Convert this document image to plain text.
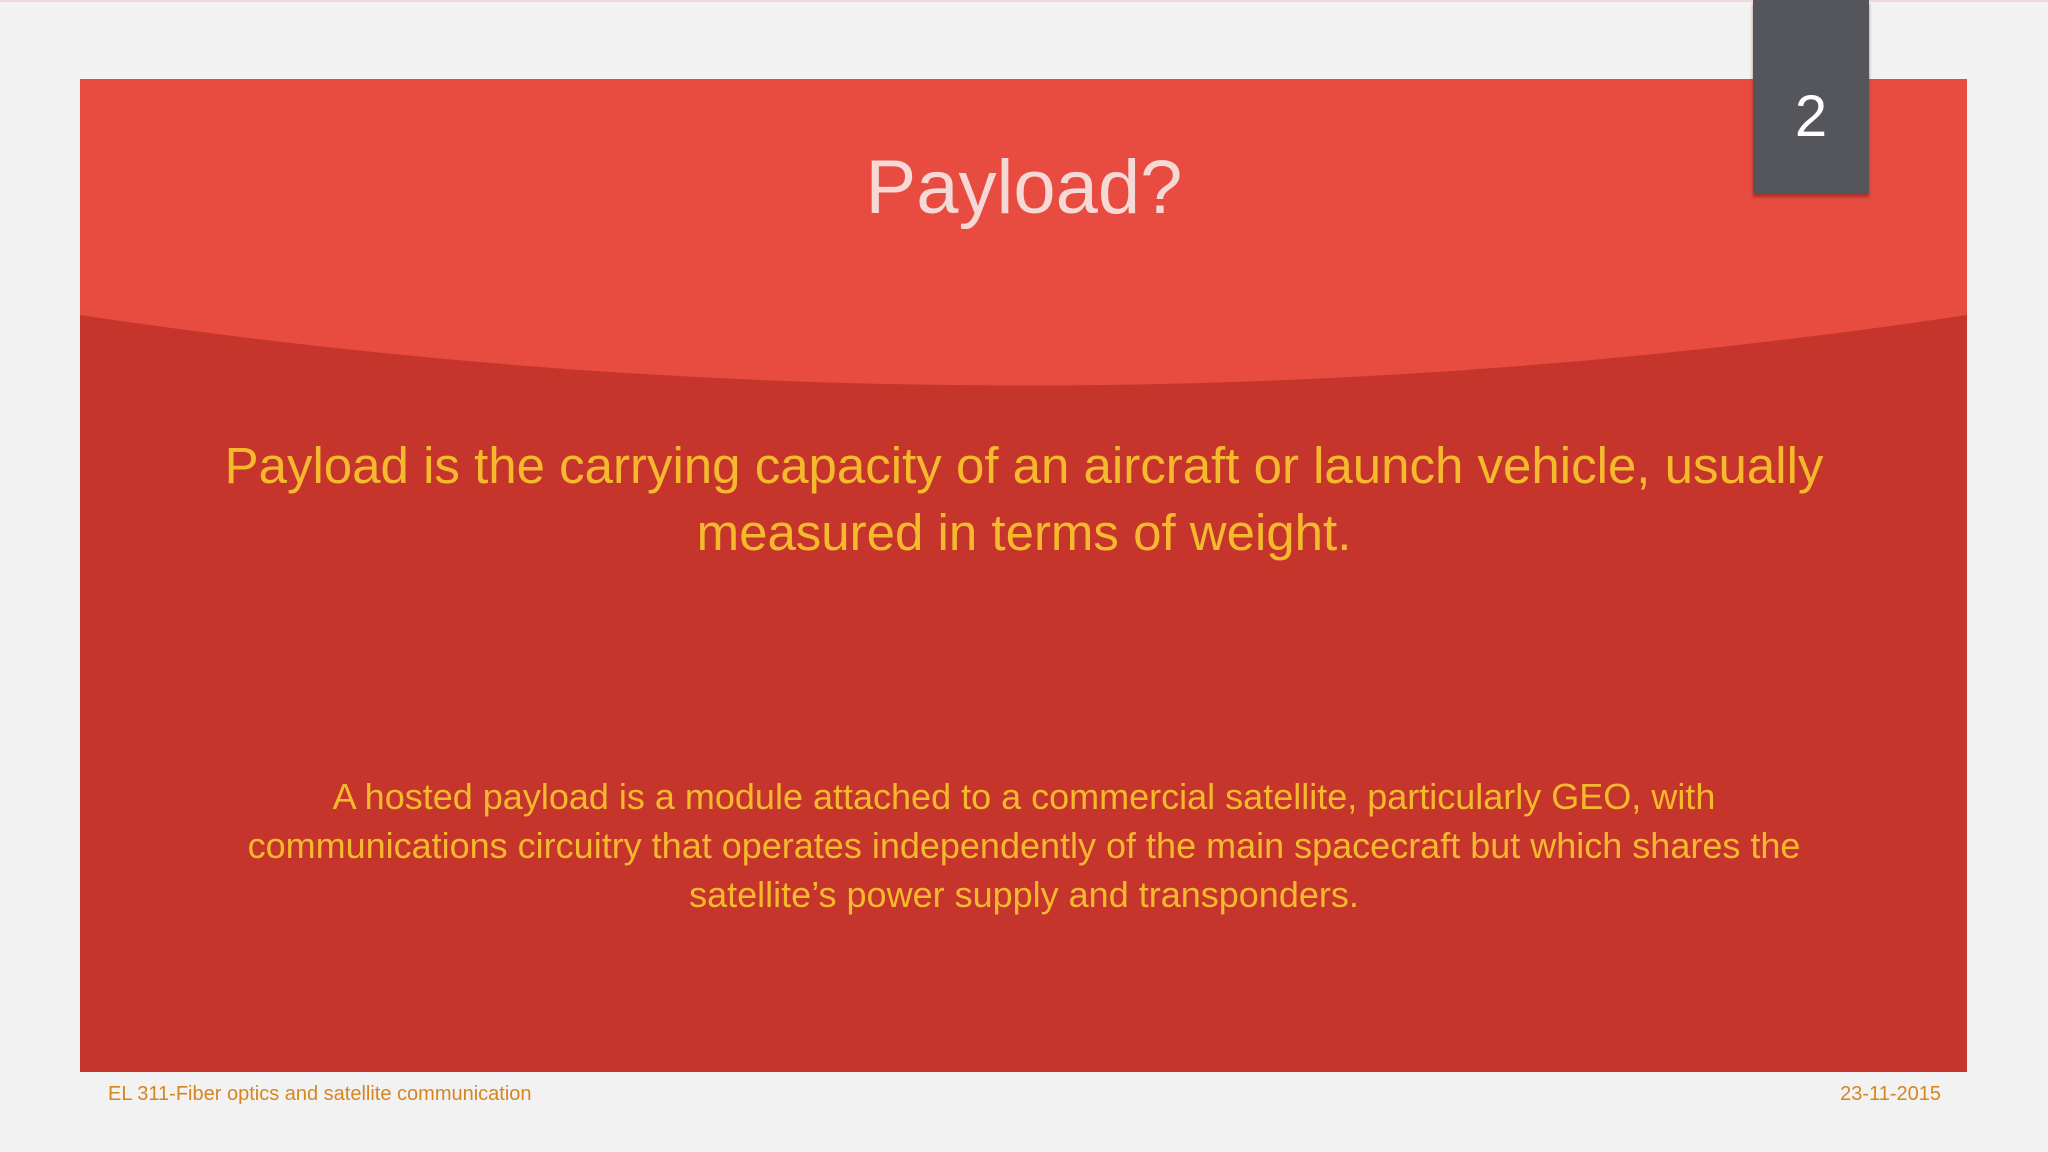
Payload?
2

Payload is the carrying capacity of an aircraft or launch vehicle, usually measured in terms of weight.

A hosted payload is a module attached to a commercial satellite, particularly GEO, with communications circuitry that operates independently of the main spacecraft but which shares the satellite’s power supply and transponders.

EL 311-Fiber optics and satellite communication	23-11-2015
